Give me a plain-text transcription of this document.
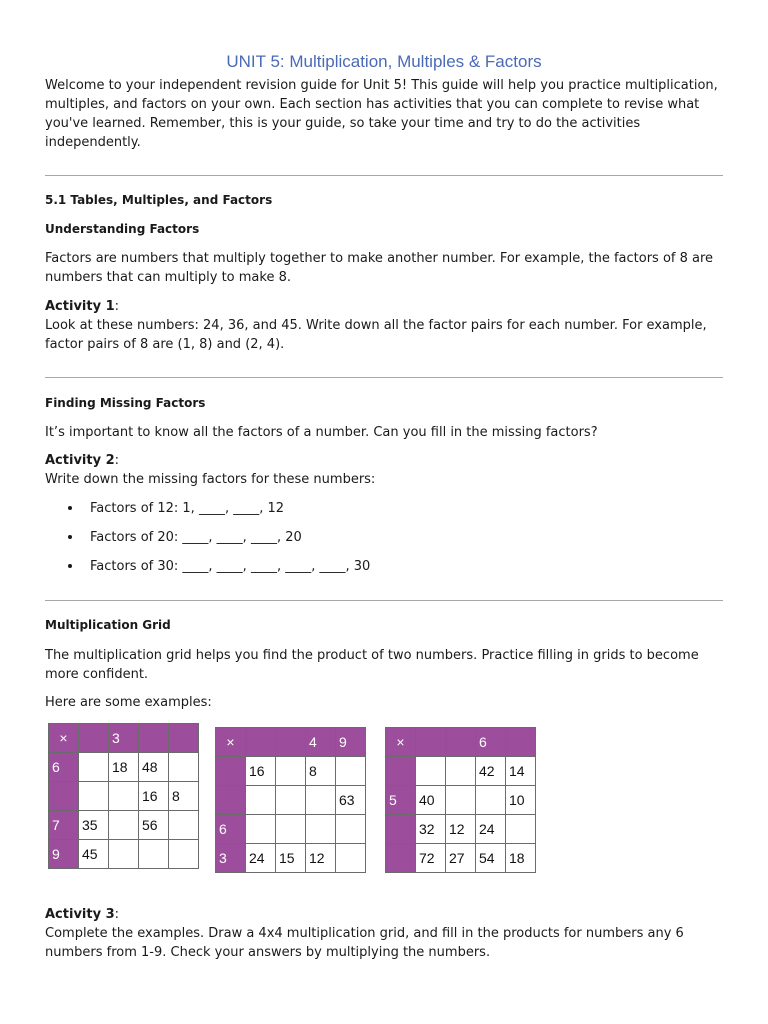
UNIT 5: Multiplication, Multiples & Factors

Welcome to your independent revision guide for Unit 5! This guide will help you practice multiplication, multiples, and factors on your own. Each section has activities that you can complete to revise what you've learned. Remember, this is your guide, so take your time and try to do the activities independently.

5.1 Tables, Multiples, and Factors

Understanding Factors

Factors are numbers that multiply together to make another number. For example, the factors of 8 are numbers that can multiply to make 8.

Activity 1:

Look at these numbers: 24, 36, and 45. Write down all the factor pairs for each number. For example, factor pairs of 8 are (1, 8) and (2, 4).

Finding Missing Factors

It’s important to know all the factors of a number. Can you fill in the missing factors?

Activity 2:

Write down the missing factors for these numbers:

Factors of 12: 1, ____, ____, 12
Factors of 20: ____, ____, ____, 20
Factors of 30: ____, ____, ____, ____, ____, 30

Multiplication Grid

The multiplication grid helps you find the product of two numbers. Practice filling in grids to become more confident.

Here are some examples:

×		3		
6		18	48	
			16	8
7	35		56	
9	45			
×			4	9
	16		8	
				63
6				
3	24	15	12	
×			6	
			42	14
5	40			10
	32	12	24	
	72	27	54	18

Activity 3:

Complete the examples. Draw a 4x4 multiplication grid, and fill in the products for numbers any 6 numbers from 1-9. Check your answers by multiplying the numbers.
